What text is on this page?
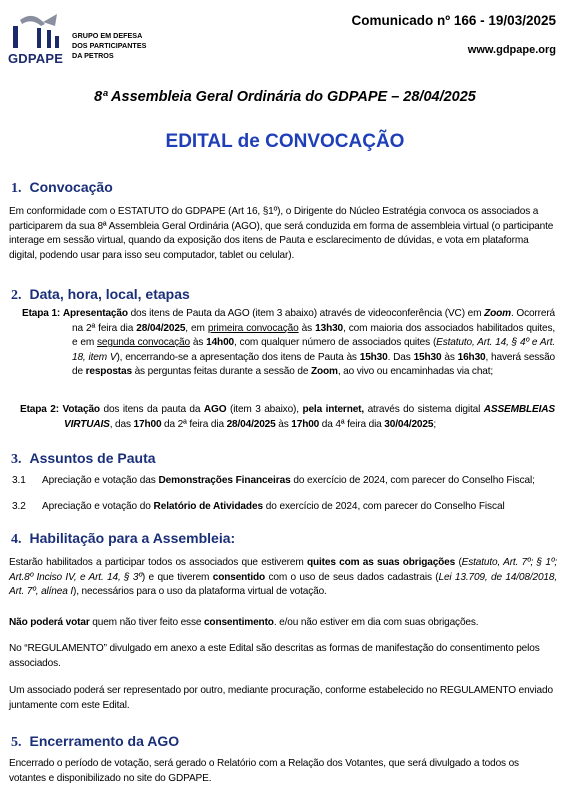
GDPAPE
GRUPO EM DEFESA
DOS PARTICIPANTES
DA PETROS
Comunicado nº 166 - 19/03/2025
www.gdpape.org
8ª Assembleia Geral Ordinária do GDPAPE – 28/04/2025
EDITAL de CONVOCAÇÃO
1. Convocação
Em conformidade com o ESTATUTO do GDPAPE (Art 16, §1º), o Dirigente do Núcleo Estratégia convoca os associados a participarem da sua 8ª Assembleia Geral Ordinária (AGO), que será conduzida em forma de assembleia virtual (o participante interage em sessão virtual, quando da exposição dos itens de Pauta e esclarecimento de dúvidas, e vota em plataforma digital, podendo usar para isso seu computador, tablet ou celular).
2. Data, hora, local, etapas
Etapa 1: Apresentação dos itens de Pauta da AGO (item 3 abaixo) através de videoconferência (VC) em Zoom. Ocorrerá na 2ª feira dia 28/04/2025, em primeira convocação às 13h30, com maioria dos associados habilitados quites, e em segunda convocação às 14h00, com qualquer número de associados quites (Estatuto, Art. 14, § 4º e Art. 18, item V), encerrando-se a apresentação dos itens de Pauta às 15h30. Das 15h30 às 16h30, haverá sessão de respostas às perguntas feitas durante a sessão de Zoom, ao vivo ou encaminhadas via chat;
Etapa 2: Votação dos itens da pauta da AGO (item 3 abaixo), pela internet, através do sistema digital ASSEMBLEIAS VIRTUAIS, das 17h00 da 2ª feira dia 28/04/2025 às 17h00 da 4ª feira dia 30/04/2025;
3. Assuntos de Pauta
3.1 Apreciação e votação das Demonstrações Financeiras do exercício de 2024, com parecer do Conselho Fiscal;
3.2 Apreciação e votação do Relatório de Atividades do exercício de 2024, com parecer do Conselho Fiscal
4. Habilitação para a Assembleia:
Estarão habilitados a participar todos os associados que estiverem quites com as suas obrigações (Estatuto, Art. 7º; § 1º; Art.8º Inciso IV, e Art. 14, § 3º) e que tiverem consentido com o uso de seus dados cadastrais (Lei 13.709, de 14/08/2018, Art. 7º, alínea I), necessários para o uso da plataforma virtual de votação.
Não poderá votar quem não tiver feito esse consentimento. e/ou não estiver em dia com suas obrigações.
No “REGULAMENTO” divulgado em anexo a este Edital são descritas as formas de manifestação do consentimento pelos associados.
Um associado poderá ser representado por outro, mediante procuração, conforme estabelecido no REGULAMENTO enviado juntamente com este Edital.
5. Encerramento da AGO
Encerrado o período de votação, será gerado o Relatório com a Relação dos Votantes, que será divulgado a todos os votantes e disponibilizado no site do GDPAPE.
